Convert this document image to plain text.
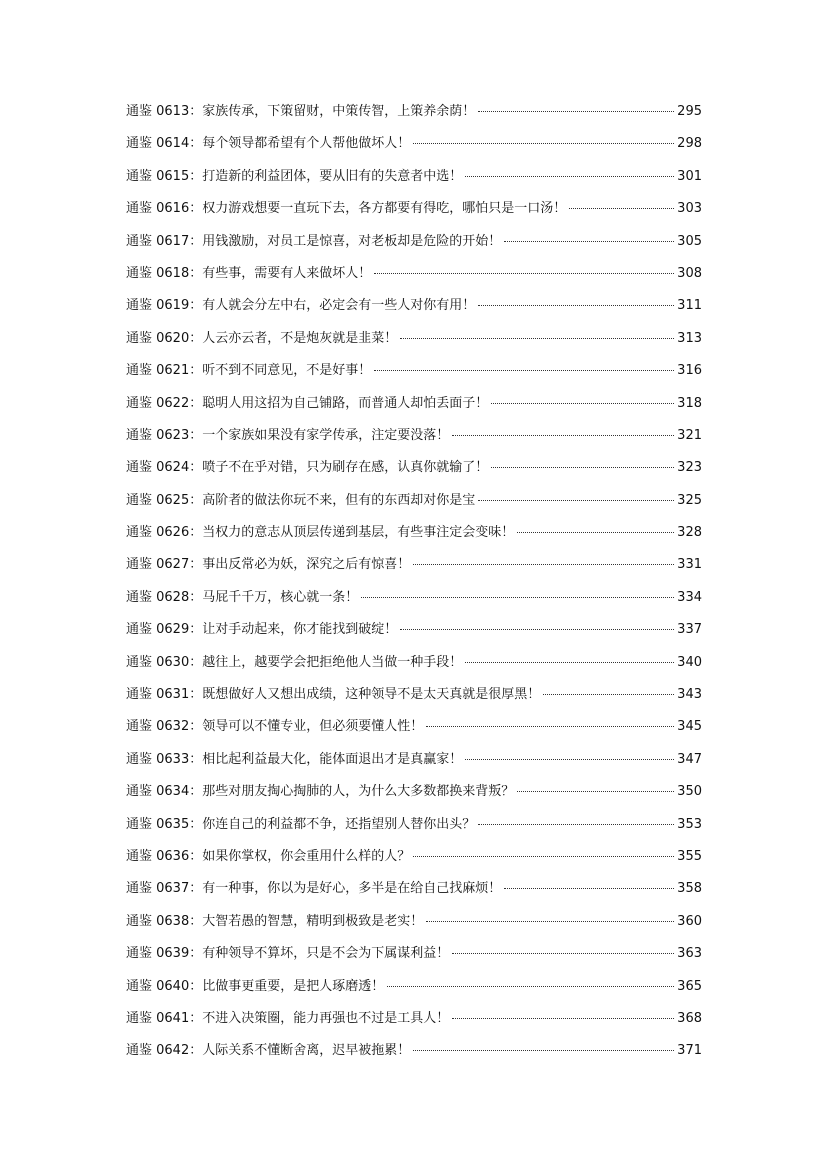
通鉴 0613：家族传承，下策留财，中策传智，上策养余荫！	295
通鉴 0614：每个领导都希望有个人帮他做坏人！	298
通鉴 0615：打造新的利益团体，要从旧有的失意者中选！	301
通鉴 0616：权力游戏想要一直玩下去，各方都要有得吃，哪怕只是一口汤！	303
通鉴 0617：用钱激励，对员工是惊喜，对老板却是危险的开始！	305
通鉴 0618：有些事，需要有人来做坏人！	308
通鉴 0619：有人就会分左中右，必定会有一些人对你有用！	311
通鉴 0620：人云亦云者，不是炮灰就是韭菜！	313
通鉴 0621：听不到不同意见，不是好事！	316
通鉴 0622：聪明人用这招为自己铺路，而普通人却怕丢面子！	318
通鉴 0623：一个家族如果没有家学传承，注定要没落！	321
通鉴 0624：喷子不在乎对错，只为刷存在感，认真你就输了！	323
通鉴 0625：高阶者的做法你玩不来，但有的东西却对你是宝	325
通鉴 0626：当权力的意志从顶层传递到基层，有些事注定会变味！	328
通鉴 0627：事出反常必为妖，深究之后有惊喜！	331
通鉴 0628：马屁千千万，核心就一条！	334
通鉴 0629：让对手动起来，你才能找到破绽！	337
通鉴 0630：越往上，越要学会把拒绝他人当做一种手段！	340
通鉴 0631：既想做好人又想出成绩，这种领导不是太天真就是很厚黑！	343
通鉴 0632：领导可以不懂专业，但必须要懂人性！	345
通鉴 0633：相比起利益最大化，能体面退出才是真赢家！	347
通鉴 0634：那些对朋友掏心掏肺的人，为什么大多数都换来背叛？	350
通鉴 0635：你连自己的利益都不争，还指望别人替你出头？	353
通鉴 0636：如果你掌权，你会重用什么样的人？	355
通鉴 0637：有一种事，你以为是好心，多半是在给自己找麻烦！	358
通鉴 0638：大智若愚的智慧，精明到极致是老实！	360
通鉴 0639：有种领导不算坏，只是不会为下属谋利益！	363
通鉴 0640：比做事更重要，是把人琢磨透！	365
通鉴 0641：不进入决策圈，能力再强也不过是工具人！	368
通鉴 0642：人际关系不懂断舍离，迟早被拖累！	371
